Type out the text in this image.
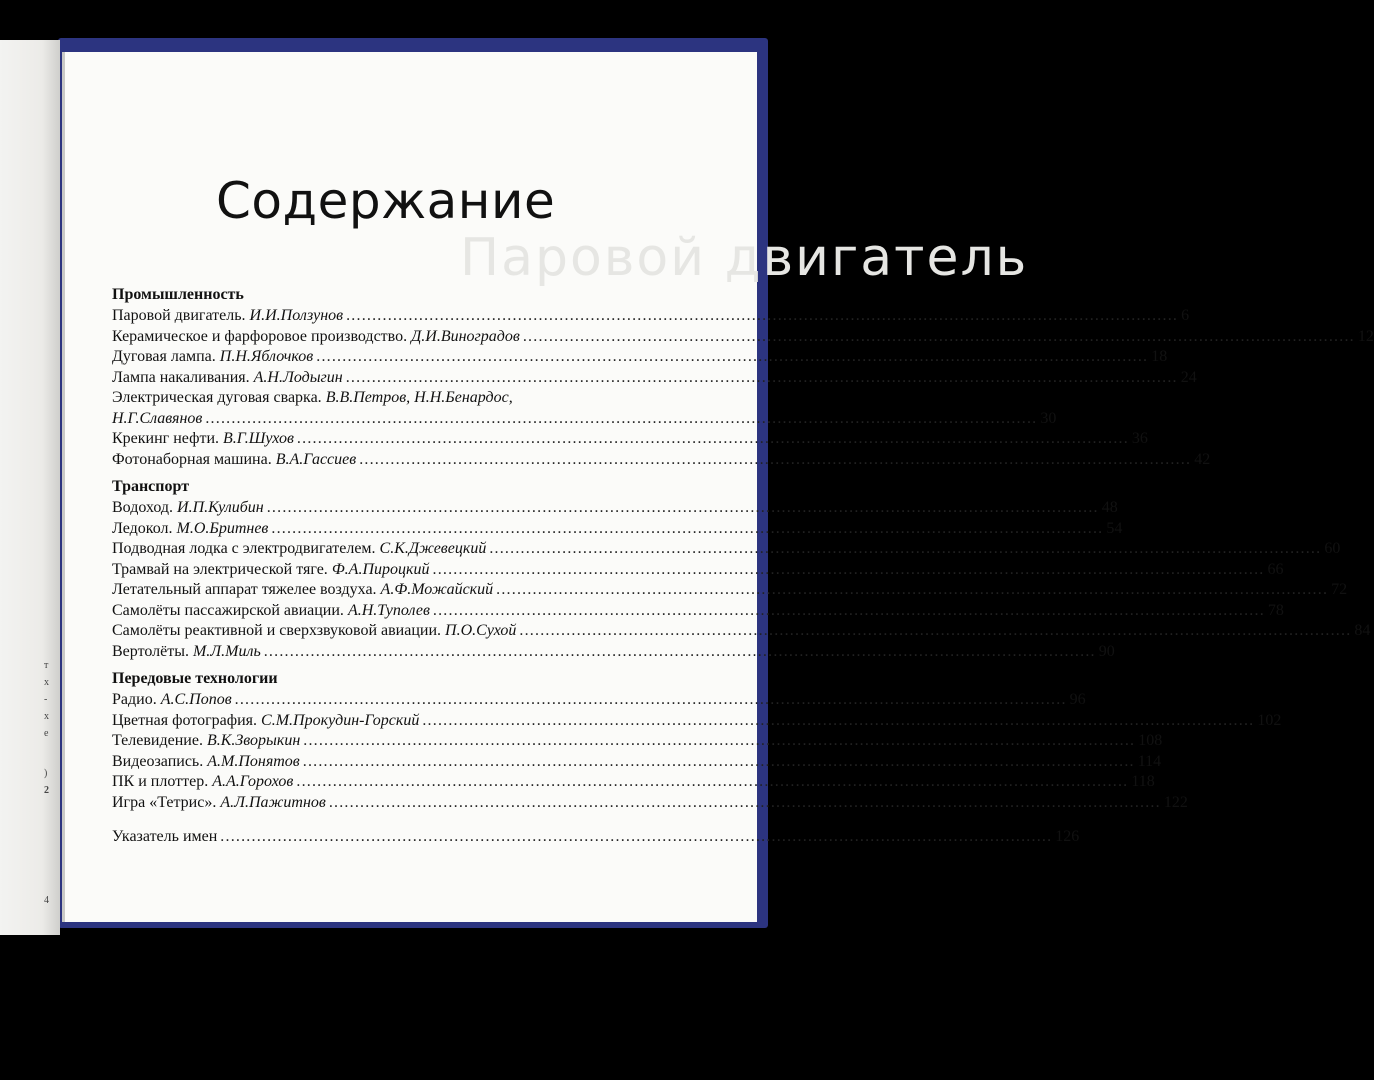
т
х
-
х
е
)
2
4
Паровой двигатель
Содержание
Промышленность
Паровой двигатель. И.И.Ползунов .....	6
Керамическое и фарфоровое производство. Д.И.Виноградов .....	12
Дуговая лампа. П.Н.Яблочков .....	18
Лампа накаливания. А.Н.Лодыгин .....	24
Электрическая дуговая сварка. В.В.Петров, Н.Н.Бенардос,
Н.Г.Славянов .....	30
Крекинг нефти. В.Г.Шухов .....	36
Фотонаборная машина. В.А.Гассиев .....	42
Транспорт
Водоход. И.П.Кулибин .....	48
Ледокол. М.О.Бритнев .....	54
Подводная лодка с электродвигателем. С.К.Джевецкий .....	60
Трамвай на электрической тяге. Ф.А.Пироцкий .....	66
Летательный аппарат тяжелее воздуха. А.Ф.Можайский .....	72
Самолёты пассажирской авиации. А.Н.Туполев .....	78
Самолёты реактивной и сверхзвуковой авиации. П.О.Сухой .....	84
Вертолёты. М.Л.Миль .....	90
Передовые технологии
Радио. А.С.Попов .....	96
Цветная фотография. С.М.Прокудин-Горский .....	102
Телевидение. В.К.Зворыкин .....	108
Видеозапись. А.М.Понятов .....	114
ПК и плоттер. А.А.Горохов .....	118
Игра «Тетрис». А.Л.Пажитнов .....	122
Указатель имен .....	126
